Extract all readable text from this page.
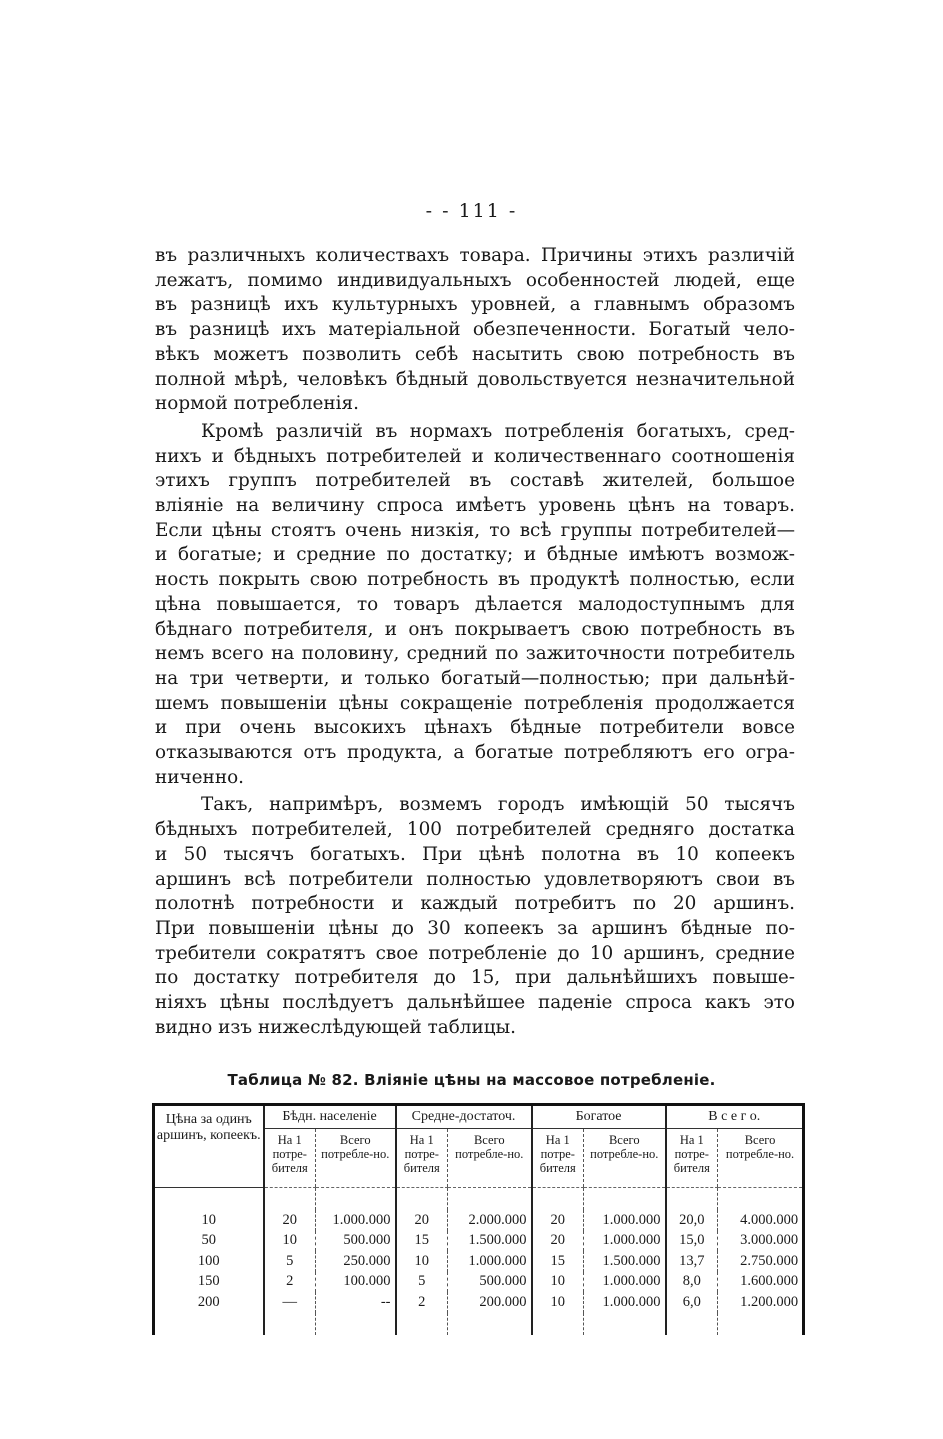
- - 111 -

въ различныхъ количествахъ товара. Причины этихъ различiй
лежатъ, помимо индивидуальныхъ особенностей людей, еще
въ разницѣ ихъ культурныхъ уровней, а главнымъ образомъ
въ разницѣ ихъ матерiальной обезпеченности. Богатый чело-
вѣкъ можетъ позволить себѣ насытить свою потребность въ
полной мѣрѣ, человѣкъ бѣдный довольствуется незначительной
нормой потребленiя.

Кромѣ различiй въ нормахъ потребленiя богатыхъ, сред-
нихъ и бѣдныхъ потребителей и количественнаго соотношенiя
этихъ группъ потребителей въ составѣ жителей, большое
влiянiе на величину спроса имѣетъ уровень цѣнъ на товаръ.
Если цѣны стоятъ очень низкiя, то всѣ группы потребителей—
и богатые; и средние по достатку; и бѣдные имѣютъ возмож-
ность покрыть свою потребность въ продуктѣ полностью, если
цѣна повышается, то товаръ дѣлается малодоступнымъ для
бѣднаго потребителя, и онъ покрываетъ свою потребность въ
немъ всего на половину, средний по зажиточности потребитель
на три четверти, и только богатый—полностью; при дальнѣй-
шемъ повышенiи цѣны сокращенiе потребленiя продолжается
и при очень высокихъ цѣнахъ бѣдные потребители вовсе
отказываются отъ продукта, а богатые потребляютъ его огра-
ниченно.

Такъ, напримѣръ, возмемъ городъ имѣющiй 50 тысячъ
бѣдныхъ потребителей, 100 потребителей средняго достатка
и 50 тысячъ богатыхъ. При цѣнѣ полотна въ 10 копеекъ
аршинъ всѣ потребители полностью удовлетворяютъ свои въ
полотнѣ потребности и каждый потребитъ по 20 аршинъ.
При повышенiи цѣны до 30 копеекъ за аршинъ бѣдные по-
требители сократятъ свое потребленiе до 10 аршинъ, средние
по достатку потребителя до 15, при дальнѣйшихъ повыше-
нiяхъ цѣны послѣдуетъ дальнѣйшее паденiе спроса какъ это
видно изъ нижеслѣдующей таблицы.

Таблица № 82. Влiянiе цѣны на массовое потребленiе.
Цѣна за одинъ аршинъ, копеекъ.	Бѣдн. населенiе		Средне-достаточ.		Богатое		В с е г о.	
	На 1 потре-бителя	Всего потребле-но.	На 1 потре-бителя	Всего потребле-но.	На 1 потре-бителя	Всего потребле-но.	На 1 потре-бителя	Всего потребле-но.

10	20	1.000.000	20	2.000.000	20	1.000.000	20,0	4.000.000
50	10	500.000	15	1.500.000	20	1.000.000	15,0	3.000.000
100	5	250.000	10	1.000.000	15	1.500.000	13,7	2.750.000
150	2	100.000	5	500.000	10	1.000.000	8,0	1.600.000
200	—	--	2	200.000	10	1.000.000	6,0	1.200.000
